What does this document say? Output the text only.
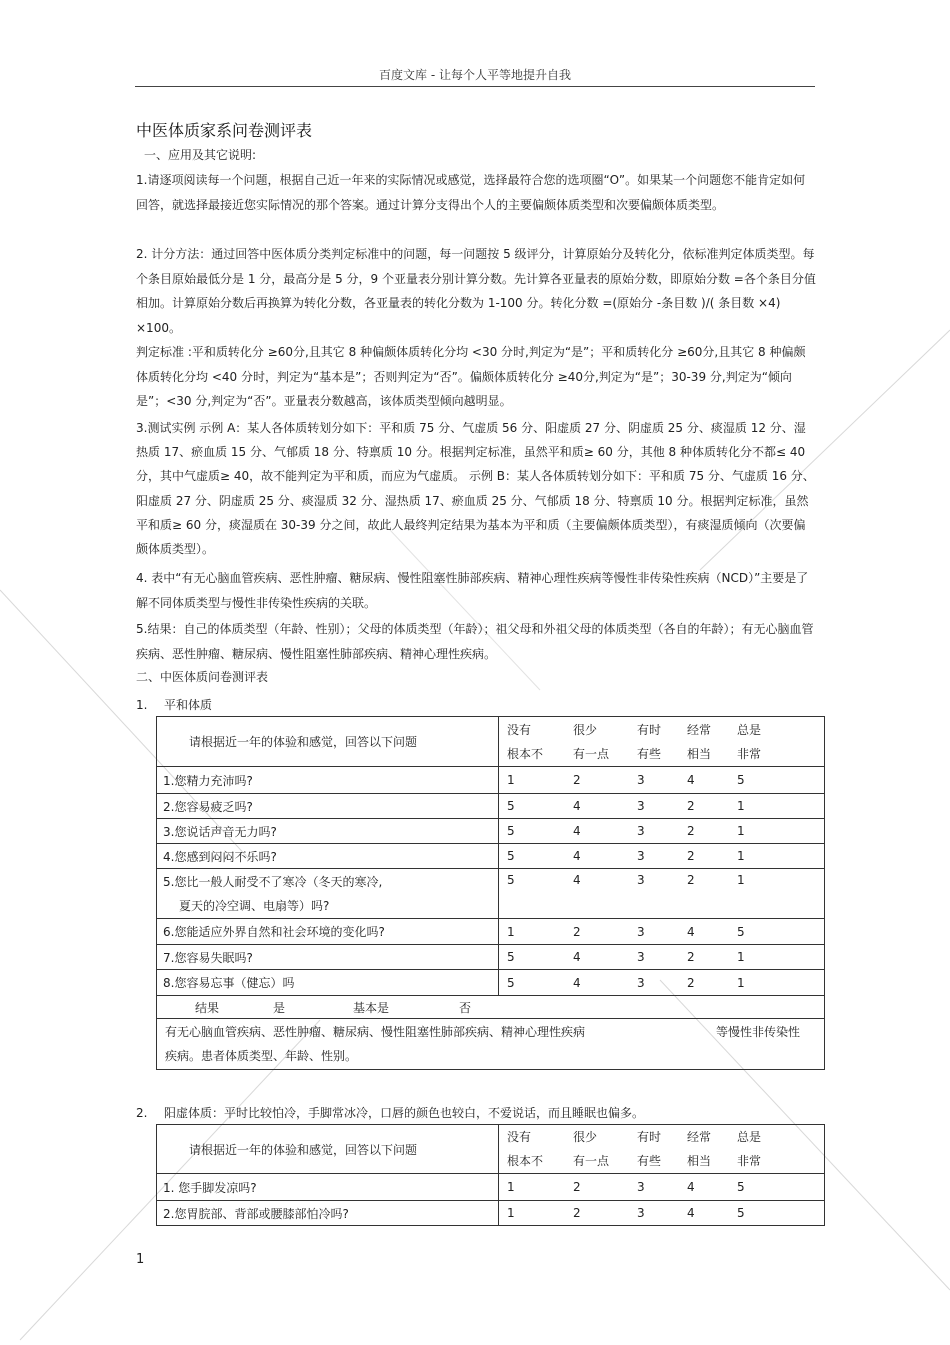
百度文库 - 让每个人平等地提升自我
中医体质家系问卷测评表
一、应用及其它说明:

1.请逐项阅读每一个问题，根据自己近一年来的实际情况或感觉，选择最符合您的选项圈“O”。如果某一个问题您不能肯定如何回答，就选择最接近您实际情况的那个答案。通过计算分支得出个人的主要偏颇体质类型和次要偏颇体质类型。

2. 计分方法：通过回答中医体质分类判定标准中的问题，每一问题按 5 级评分，计算原始分及转化分，依标准判定体质类型。每个条目原始最低分是 1 分，最高分是 5 分，9 个亚量表分别计算分数。先计算各亚量表的原始分数，即原始分数 =各个条目分值相加。计算原始分数后再换算为转化分数，各亚量表的转化分数为 1-100 分。转化分数 =(原始分 -条目数 )/( 条目数 ×4) ×100。

判定标准 :平和质转化分 ≥60分,且其它 8 种偏颇体质转化分均 <30 分时,判定为“是”；平和质转化分 ≥60分,且其它 8 种偏颇体质转化分均 <40 分时，判定为“基本是”；否则判定为“否”。偏颇体质转化分 ≥40分,判定为“是”；30-39 分,判定为“倾向是”；<30 分,判定为“否”。亚量表分数越高，该体质类型倾向越明显。

3.测试实例 示例 A：某人各体质转划分如下：平和质 75 分、气虚质 56 分、阳虚质 27 分、阴虚质 25 分、痰湿质 12 分、湿热质 17、瘀血质 15 分、气郁质 18 分、特禀质 10 分。根据判定标准，虽然平和质≥ 60 分，其他 8 种体质转化分不都≤ 40 分，其中气虚质≥ 40，故不能判定为平和质，而应为气虚质。 示例 B：某人各体质转划分如下：平和质 75 分、气虚质 16 分、阳虚质 27 分、阴虚质 25 分、痰湿质 32 分、湿热质 17、瘀血质 25 分、气郁质 18 分、特禀质 10 分。根据判定标准，虽然平和质≥ 60 分，痰湿质在 30-39 分之间，故此人最终判定结果为基本为平和质（主要偏颇体质类型），有痰湿质倾向（次要偏颇体质类型）。

4. 表中“有无心脑血管疾病、恶性肿瘤、糖尿病、慢性阻塞性肺部疾病、精神心理性疾病等慢性非传染性疾病（NCD）”主要是了解不同体质类型与慢性非传染性疾病的关联。

5.结果：自己的体质类型（年龄、性别）；父母的体质类型（年龄）；祖父母和外祖父母的体质类型（各自的年龄）；有无心脑血管疾病、恶性肿瘤、糖尿病、慢性阻塞性肺部疾病、精神心理性疾病。

二、中医体质问卷测评表
1. 平和体质
请根据近一年的体验和感觉，回答以下问题	没有 很少 有时 经常 总是
根本不 有一点 有些 相当 非常

1.您精力充沛吗?	1 2 3 4 5
2.您容易疲乏吗?	5 4 3 2 1
3.您说话声音无力吗?	5 4 3 2 1
4.您感到闷闷不乐吗?	5 4 3 2 1

5.您比一般人耐受不了寒冷（冬天的寒冷,
夏天的冷空调、电扇等）吗?	5 4 3 2 1
6.您能适应外界自然和社会环境的变化吗?	1 2 3 4 5
7.您容易失眠吗?	5 4 3 2 1
8.您容易忘事（健忘）吗	5 4 3 2 1
结果 是 基本是 否	

有无心脑血管疾病、恶性肿瘤、糖尿病、慢性阻塞性肺部疾病、精神心理性疾病 等慢性非传染性
疾病。患者体质类型、年龄、性别。	
2. 阳虚体质：平时比较怕冷，手脚常冰冷，口唇的颜色也较白，不爱说话，而且睡眠也偏多。
请根据近一年的体验和感觉，回答以下问题	没有 很少 有时 经常 总是
根本不 有一点 有些 相当 非常

1. 您手脚发凉吗?	1 2 3 4 5
2.您胃脘部、背部或腰膝部怕冷吗?	1 2 3 4 5
1
